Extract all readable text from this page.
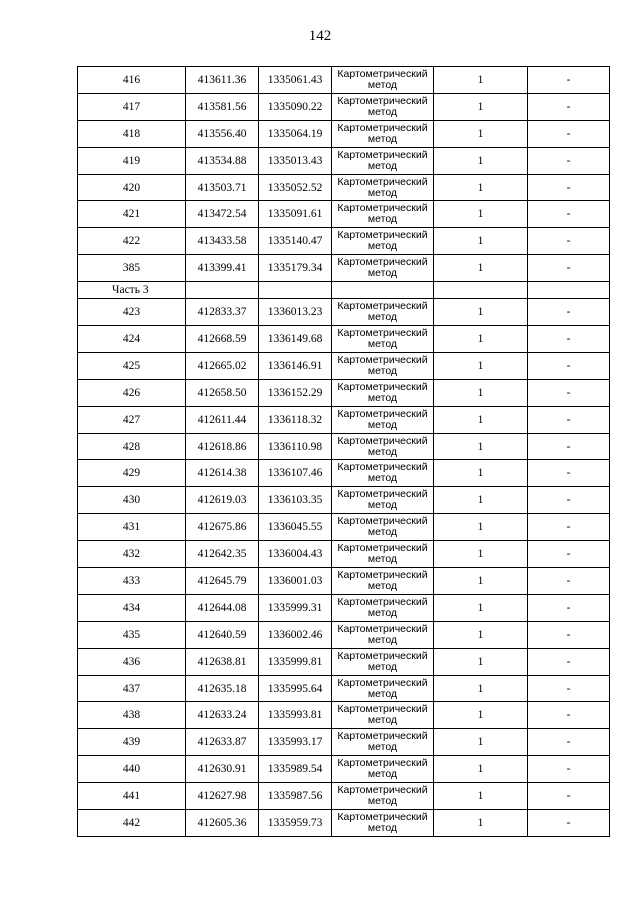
142
416	413611.36	1335061.43	Картометрический метод	1	-
417	413581.56	1335090.22	Картометрический метод	1	-
418	413556.40	1335064.19	Картометрический метод	1	-
419	413534.88	1335013.43	Картометрический метод	1	-
420	413503.71	1335052.52	Картометрический метод	1	-
421	413472.54	1335091.61	Картометрический метод	1	-
422	413433.58	1335140.47	Картометрический метод	1	-
385	413399.41	1335179.34	Картометрический метод	1	-
Часть 3					
423	412833.37	1336013.23	Картометрический метод	1	-
424	412668.59	1336149.68	Картометрический метод	1	-
425	412665.02	1336146.91	Картометрический метод	1	-
426	412658.50	1336152.29	Картометрический метод	1	-
427	412611.44	1336118.32	Картометрический метод	1	-
428	412618.86	1336110.98	Картометрический метод	1	-
429	412614.38	1336107.46	Картометрический метод	1	-
430	412619.03	1336103.35	Картометрический метод	1	-
431	412675.86	1336045.55	Картометрический метод	1	-
432	412642.35	1336004.43	Картометрический метод	1	-
433	412645.79	1336001.03	Картометрический метод	1	-
434	412644.08	1335999.31	Картометрический метод	1	-
435	412640.59	1336002.46	Картометрический метод	1	-
436	412638.81	1335999.81	Картометрический метод	1	-
437	412635.18	1335995.64	Картометрический метод	1	-
438	412633.24	1335993.81	Картометрический метод	1	-
439	412633.87	1335993.17	Картометрический метод	1	-
440	412630.91	1335989.54	Картометрический метод	1	-
441	412627.98	1335987.56	Картометрический метод	1	-
442	412605.36	1335959.73	Картометрический метод	1	-
